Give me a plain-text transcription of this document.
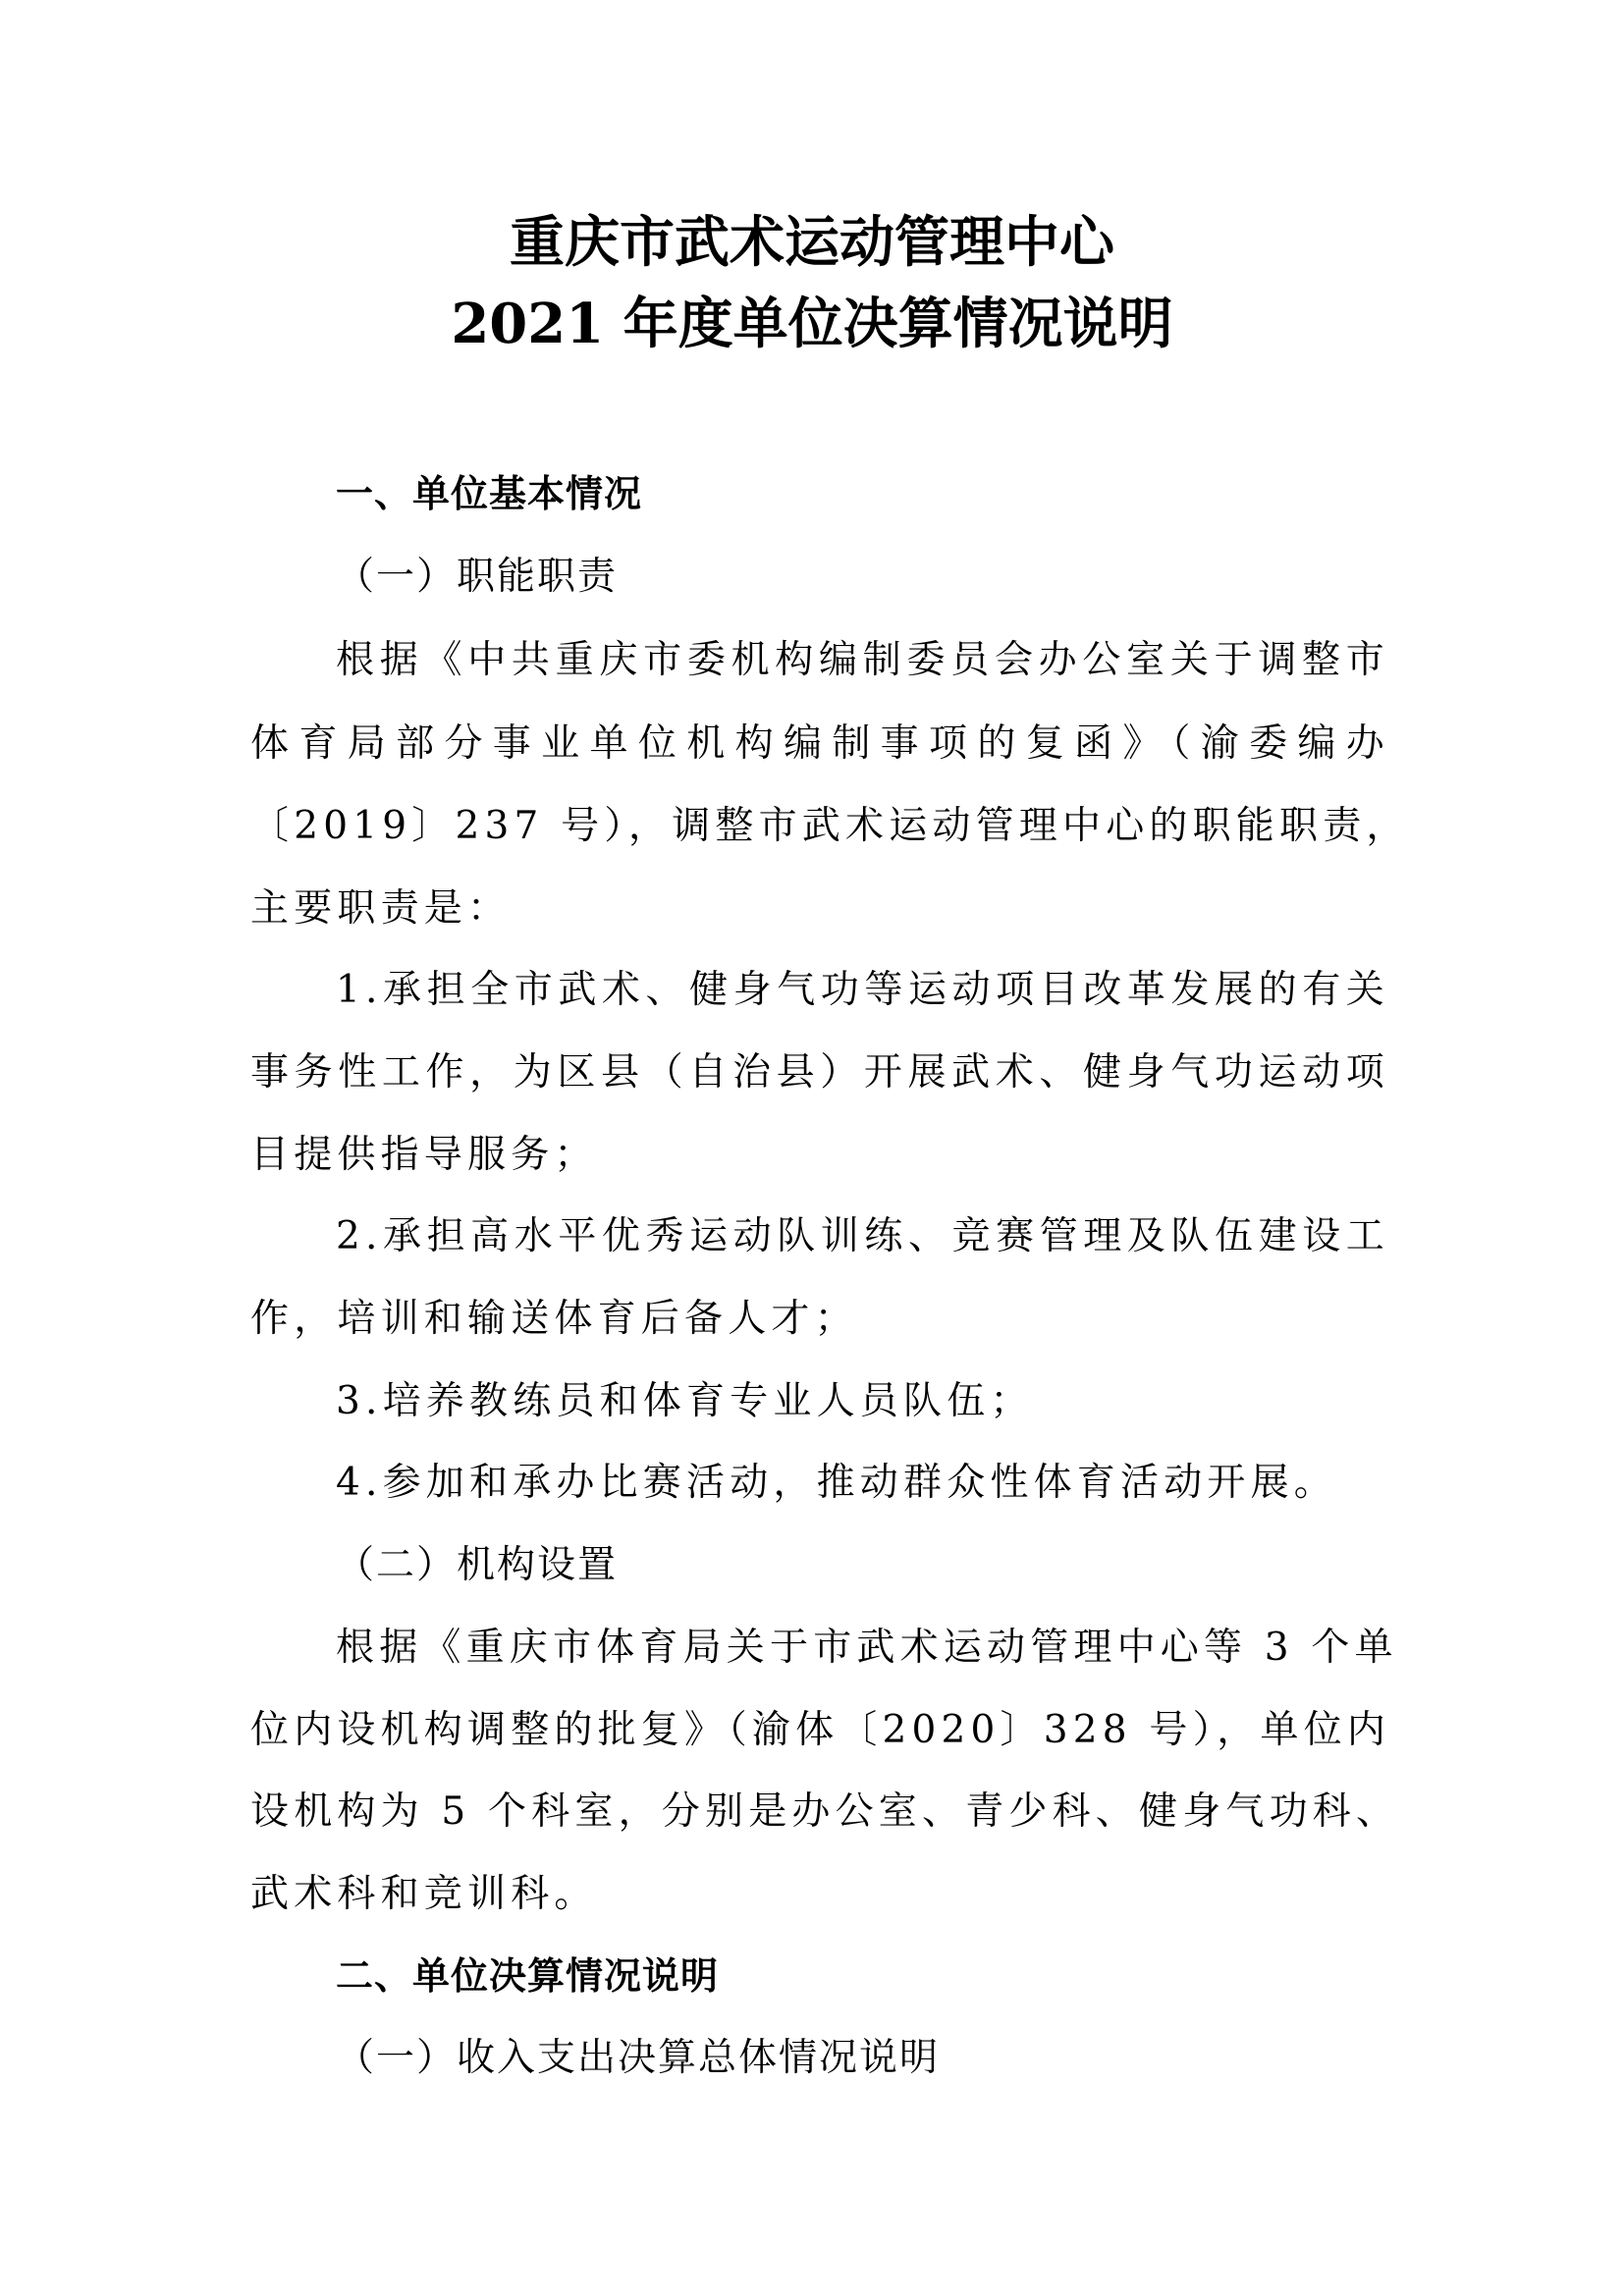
重庆市武术运动管理中心
2021 年度单位决算情况说明
一、单位基本情况
（一）职能职责
根据《中共重庆市委机构编制委员会办公室关于调整市
体育局部分事业单位机构编制事项的复函》（渝委编办
〔2019〕237 号），调整市武术运动管理中心的职能职责，
主要职责是：
1.承担全市武术、健身气功等运动项目改革发展的有关
事务性工作，为区县（自治县）开展武术、健身气功运动项
目提供指导服务；
2.承担高水平优秀运动队训练、竞赛管理及队伍建设工
作，培训和输送体育后备人才；
3.培养教练员和体育专业人员队伍；
4.参加和承办比赛活动，推动群众性体育活动开展。
（二）机构设置
根据《重庆市体育局关于市武术运动管理中心等 3 个单
位内设机构调整的批复》（渝体〔2020〕328 号），单位内
设机构为 5 个科室，分别是办公室、青少科、健身气功科、
武术科和竞训科。
二、单位决算情况说明
（一）收入支出决算总体情况说明
